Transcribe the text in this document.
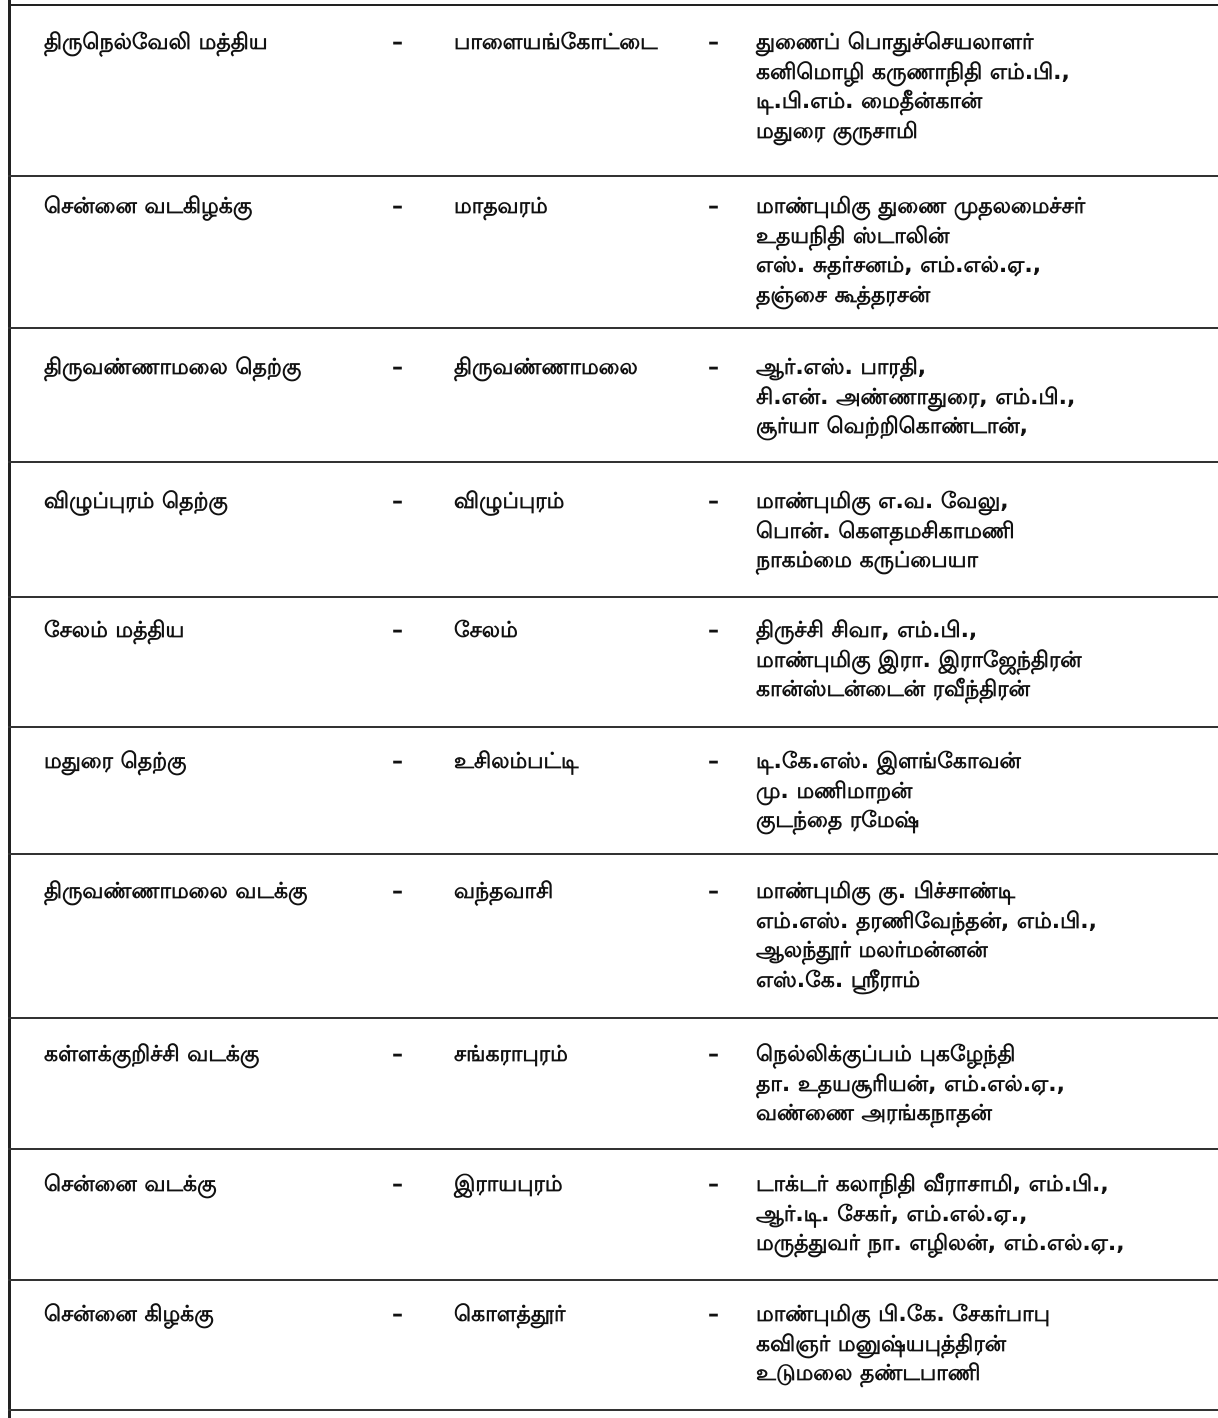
திருநெல்வேலி மத்திய	– பாளையங்கோட்டை – துணைப் பொதுச்செயலாளர்
கனிமொழி கருணாநிதி எம்.பி.,
டி.பி.எம். மைதீன்கான்
மதுரை குருசாமி
சென்னை வடகிழக்கு	– மாதவரம்	– மாண்புமிகு துணை முதலமைச்சர்
உதயநிதி ஸ்டாலின்
எஸ். சுதர்சனம், எம்.எல்.ஏ.,
தஞ்சை கூத்தரசன்
திருவண்ணாமலை தெற்கு	– திருவண்ணாமலை	– ஆர்.எஸ். பாரதி,
சி.என். அண்ணாதுரை, எம்.பி.,
சூர்யா வெற்றிகொண்டான்,
விழுப்புரம் தெற்கு	– விழுப்புரம்	– மாண்புமிகு எ.வ. வேலு,
பொன். கௌதமசிகாமணி
நாகம்மை கருப்பையா
சேலம் மத்திய	– சேலம்	– திருச்சி சிவா, எம்.பி.,
மாண்புமிகு இரா. இராஜேந்திரன்
கான்ஸ்டன்டைன் ரவீந்திரன்
மதுரை தெற்கு	– உசிலம்பட்டி	– டி.கே.எஸ். இளங்கோவன்
மு. மணிமாறன்
குடந்தை ரமேஷ்
திருவண்ணாமலை வடக்கு	– வந்தவாசி	– மாண்புமிகு கு. பிச்சாண்டி
எம்.எஸ். தரணிவேந்தன், எம்.பி.,
ஆலந்தூர் மலர்மன்னன்
எஸ்.கே. ஸ்ரீராம்
கள்ளக்குறிச்சி வடக்கு	– சங்கராபுரம்	– நெல்லிக்குப்பம் புகழேந்தி
தா. உதயசூரியன், எம்.எல்.ஏ.,
வண்ணை அரங்கநாதன்
சென்னை வடக்கு	– இராயபுரம்	– டாக்டர் கலாநிதி வீராசாமி, எம்.பி.,
ஆர்.டி. சேகர், எம்.எல்.ஏ.,
மருத்துவர் நா. எழிலன், எம்.எல்.ஏ.,
சென்னை கிழக்கு	– கொளத்தூர்	– மாண்புமிகு பி.கே. சேகர்பாபு
கவிஞர் மனுஷ்யபுத்திரன்
உடுமலை தண்டபாணி
